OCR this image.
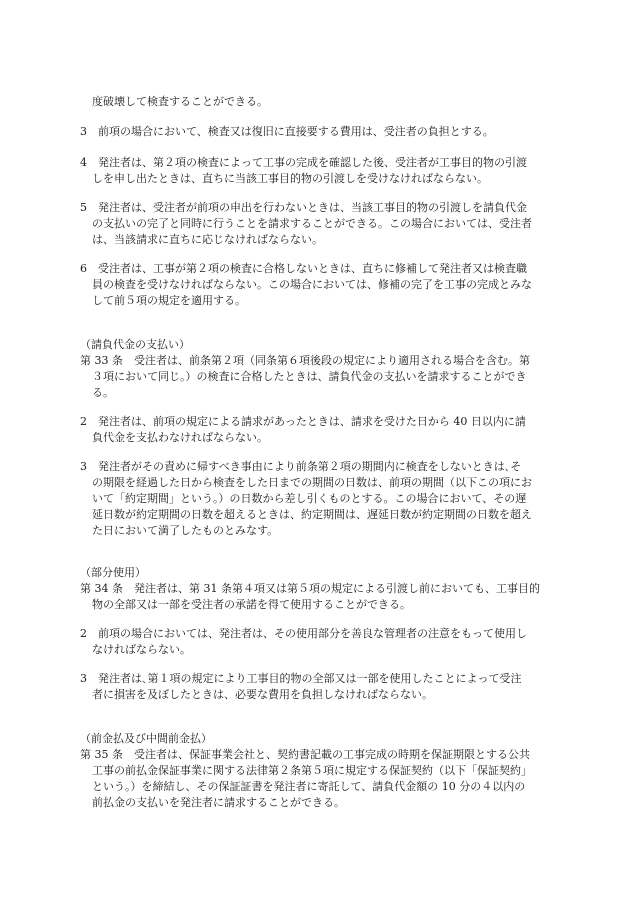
度破壊して検査することができる。
3　前項の場合において、検査又は復旧に直接要する費用は、受注者の負担とする。
4　発注者は、第２項の検査によって工事の完成を確認した後、受注者が工事目的物の引渡
しを申し出たときは、直ちに当該工事目的物の引渡しを受けなければならない。
5　発注者は、受注者が前項の申出を行わないときは、当該工事目的物の引渡しを請負代金
の支払いの完了と同時に行うことを請求することができる。この場合においては、受注者
は、当該請求に直ちに応じなければならない。
6　受注者は、工事が第２項の検査に合格しないときは、直ちに修補して発注者又は検査職
員の検査を受けなければならない。この場合においては、修補の完了を工事の完成とみな
して前５項の規定を適用する。
（請負代金の支払い）
第 33 条　受注者は、前条第２項（同条第６項後段の規定により適用される場合を含む。第
３項において同じ。）の検査に合格したときは、請負代金の支払いを請求することができ
る。
2　発注者は、前項の規定による請求があったときは、請求を受けた日から 40 日以内に請
負代金を支払わなければならない。
3　発注者がその責めに帰すべき事由により前条第２項の期間内に検査をしないときは､そ
の期限を経過した日から検査をした日までの期間の日数は、前項の期間（以下この項にお
いて「約定期間」という。）の日数から差し引くものとする。この場合において、その遅
延日数が約定期間の日数を超えるときは、約定期間は、遅延日数が約定期間の日数を超え
た日において満了したものとみなす。
（部分使用）
第 34 条　発注者は、第 31 条第４項又は第５項の規定による引渡し前においても、工事目的
物の全部又は一部を受注者の承諾を得て使用することができる。
2　前項の場合においては、発注者は、その使用部分を善良な管理者の注意をもって使用し
なければならない。
3　発注者は､第１項の規定により工事目的物の全部又は一部を使用したことによって受注
者に損害を及ぼしたときは、必要な費用を負担しなければならない。
（前金払及び中間前金払）
第 35 条　受注者は、保証事業会社と、契約書記載の工事完成の時期を保証期限とする公共
工事の前払金保証事業に関する法律第２条第５項に規定する保証契約（以下「保証契約」
という。）を締結し、その保証証書を発注者に寄託して、請負代金額の 10 分の４以内の
前払金の支払いを発注者に請求することができる。
